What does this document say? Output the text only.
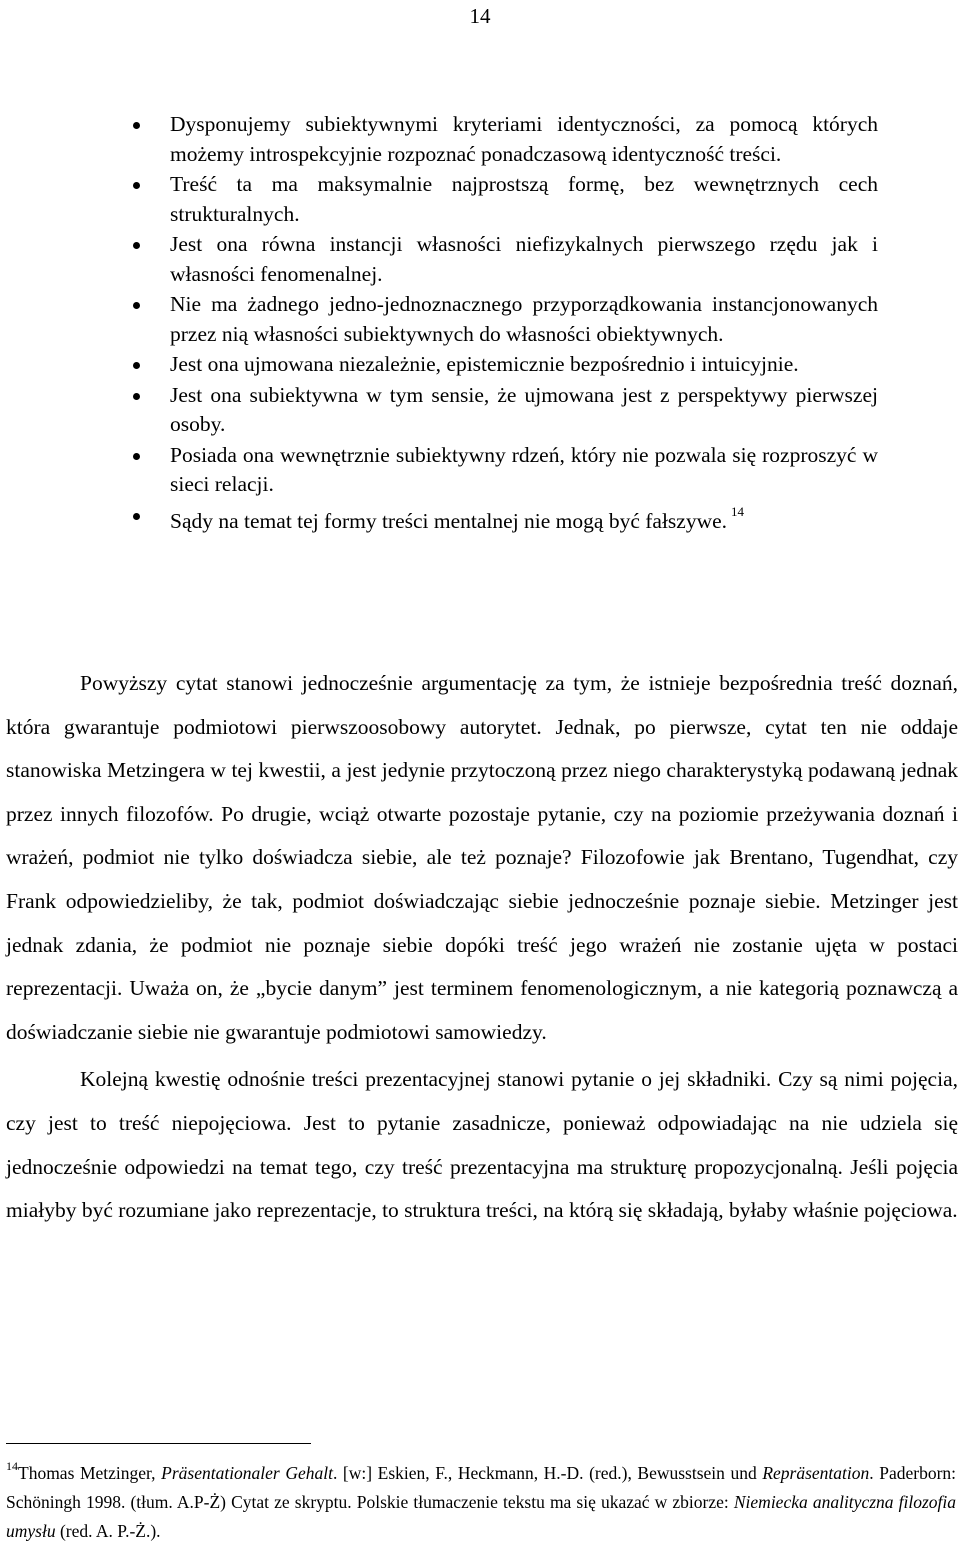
14
Dysponujemy subiektywnymi kryteriami identyczności, za pomocą których możemy introspekcyjnie rozpoznać ponadczasową identyczność treści.
Treść ta ma maksymalnie najprostszą formę, bez wewnętrznych cech strukturalnych.
Jest ona równa instancji własności niefizykalnych pierwszego rzędu jak i własności fenomenalnej.
Nie ma żadnego jedno-jednoznacznego przyporządkowania instancjonowanych przez nią własności subiektywnych do własności obiektywnych.
Jest ona ujmowana niezależnie, epistemicznie bezpośrednio i intuicyjnie.
Jest ona subiektywna w tym sensie, że ujmowana jest z perspektywy pierwszej osoby.
Posiada ona wewnętrznie subiektywny rdzeń, który nie pozwala się rozproszyć w sieci relacji.
Sądy na temat tej formy treści mentalnej nie mogą być fałszywe. $^{14}$

Powyższy cytat stanowi jednocześnie argumentację za tym, że istnieje bezpośrednia treść doznań, która gwarantuje podmiotowi pierwszoosobowy autorytet. Jednak, po pierwsze, cytat ten nie oddaje stanowiska Metzingera w tej kwestii, a jest jedynie przytoczoną przez niego charakterystyką podawaną jednak przez innych filozofów. Po drugie, wciąż otwarte pozostaje pytanie, czy na poziomie przeżywania doznań i wrażeń, podmiot nie tylko doświadcza siebie, ale też poznaje? Filozofowie jak Brentano, Tugendhat, czy Frank odpowiedzieliby, że tak, podmiot doświadczając siebie jednocześnie poznaje siebie. Metzinger jest jednak zdania, że podmiot nie poznaje siebie dopóki treść jego wrażeń nie zostanie ujęta w postaci reprezentacji. Uważa on, że „bycie danym” jest terminem fenomenologicznym, a nie kategorią poznawczą a doświadczanie siebie nie gwarantuje podmiotowi samowiedzy.

Kolejną kwestię odnośnie treści prezentacyjnej stanowi pytanie o jej składniki. Czy są nimi pojęcia, czy jest to treść niepojęciowa. Jest to pytanie zasadnicze, ponieważ odpowiadając na nie udziela się jednocześnie odpowiedzi na temat tego, czy treść prezentacyjna ma strukturę propozycjonalną. Jeśli pojęcia miałyby być rozumiane jako reprezentacje, to struktura treści, na którą się składają, byłaby właśnie pojęciowa.

$^{14}$Thomas Metzinger, Präsentationaler Gehalt. [w:] Eskien, F., Heckmann, H.-D. (red.), Bewusstsein und Repräsentation. Paderborn: Schöningh 1998. (tłum. A.P-Ż) Cytat ze skryptu. Polskie tłumaczenie tekstu ma się ukazać w zbiorze: Niemiecka analityczna filozofia umysłu (red. A. P.-Ż.).
